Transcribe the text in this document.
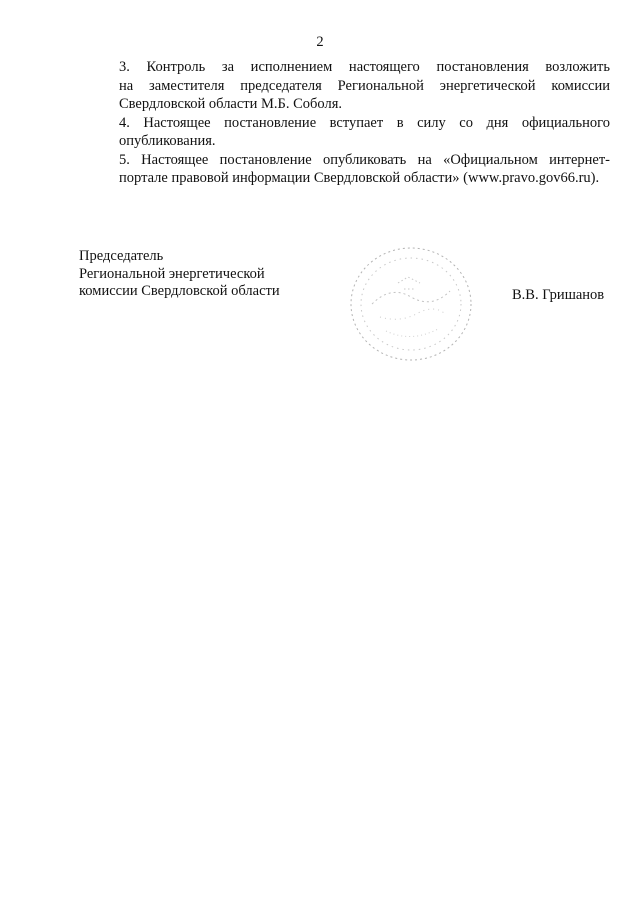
2

3. Контроль за исполнением настоящего постановления возложить
на заместителя председателя Региональной энергетической комиссии
Свердловской области М.Б. Соболя.

4. Настоящее постановление вступает в силу со дня официального
опубликования.

5. Настоящее постановление опубликовать на «Официальном интернет-
портале правовой информации Свердловской области» (www.pravo.gov66.ru).

Председатель
Региональной энергетической
комиссии Свердловской области	В.В. Гришанов
